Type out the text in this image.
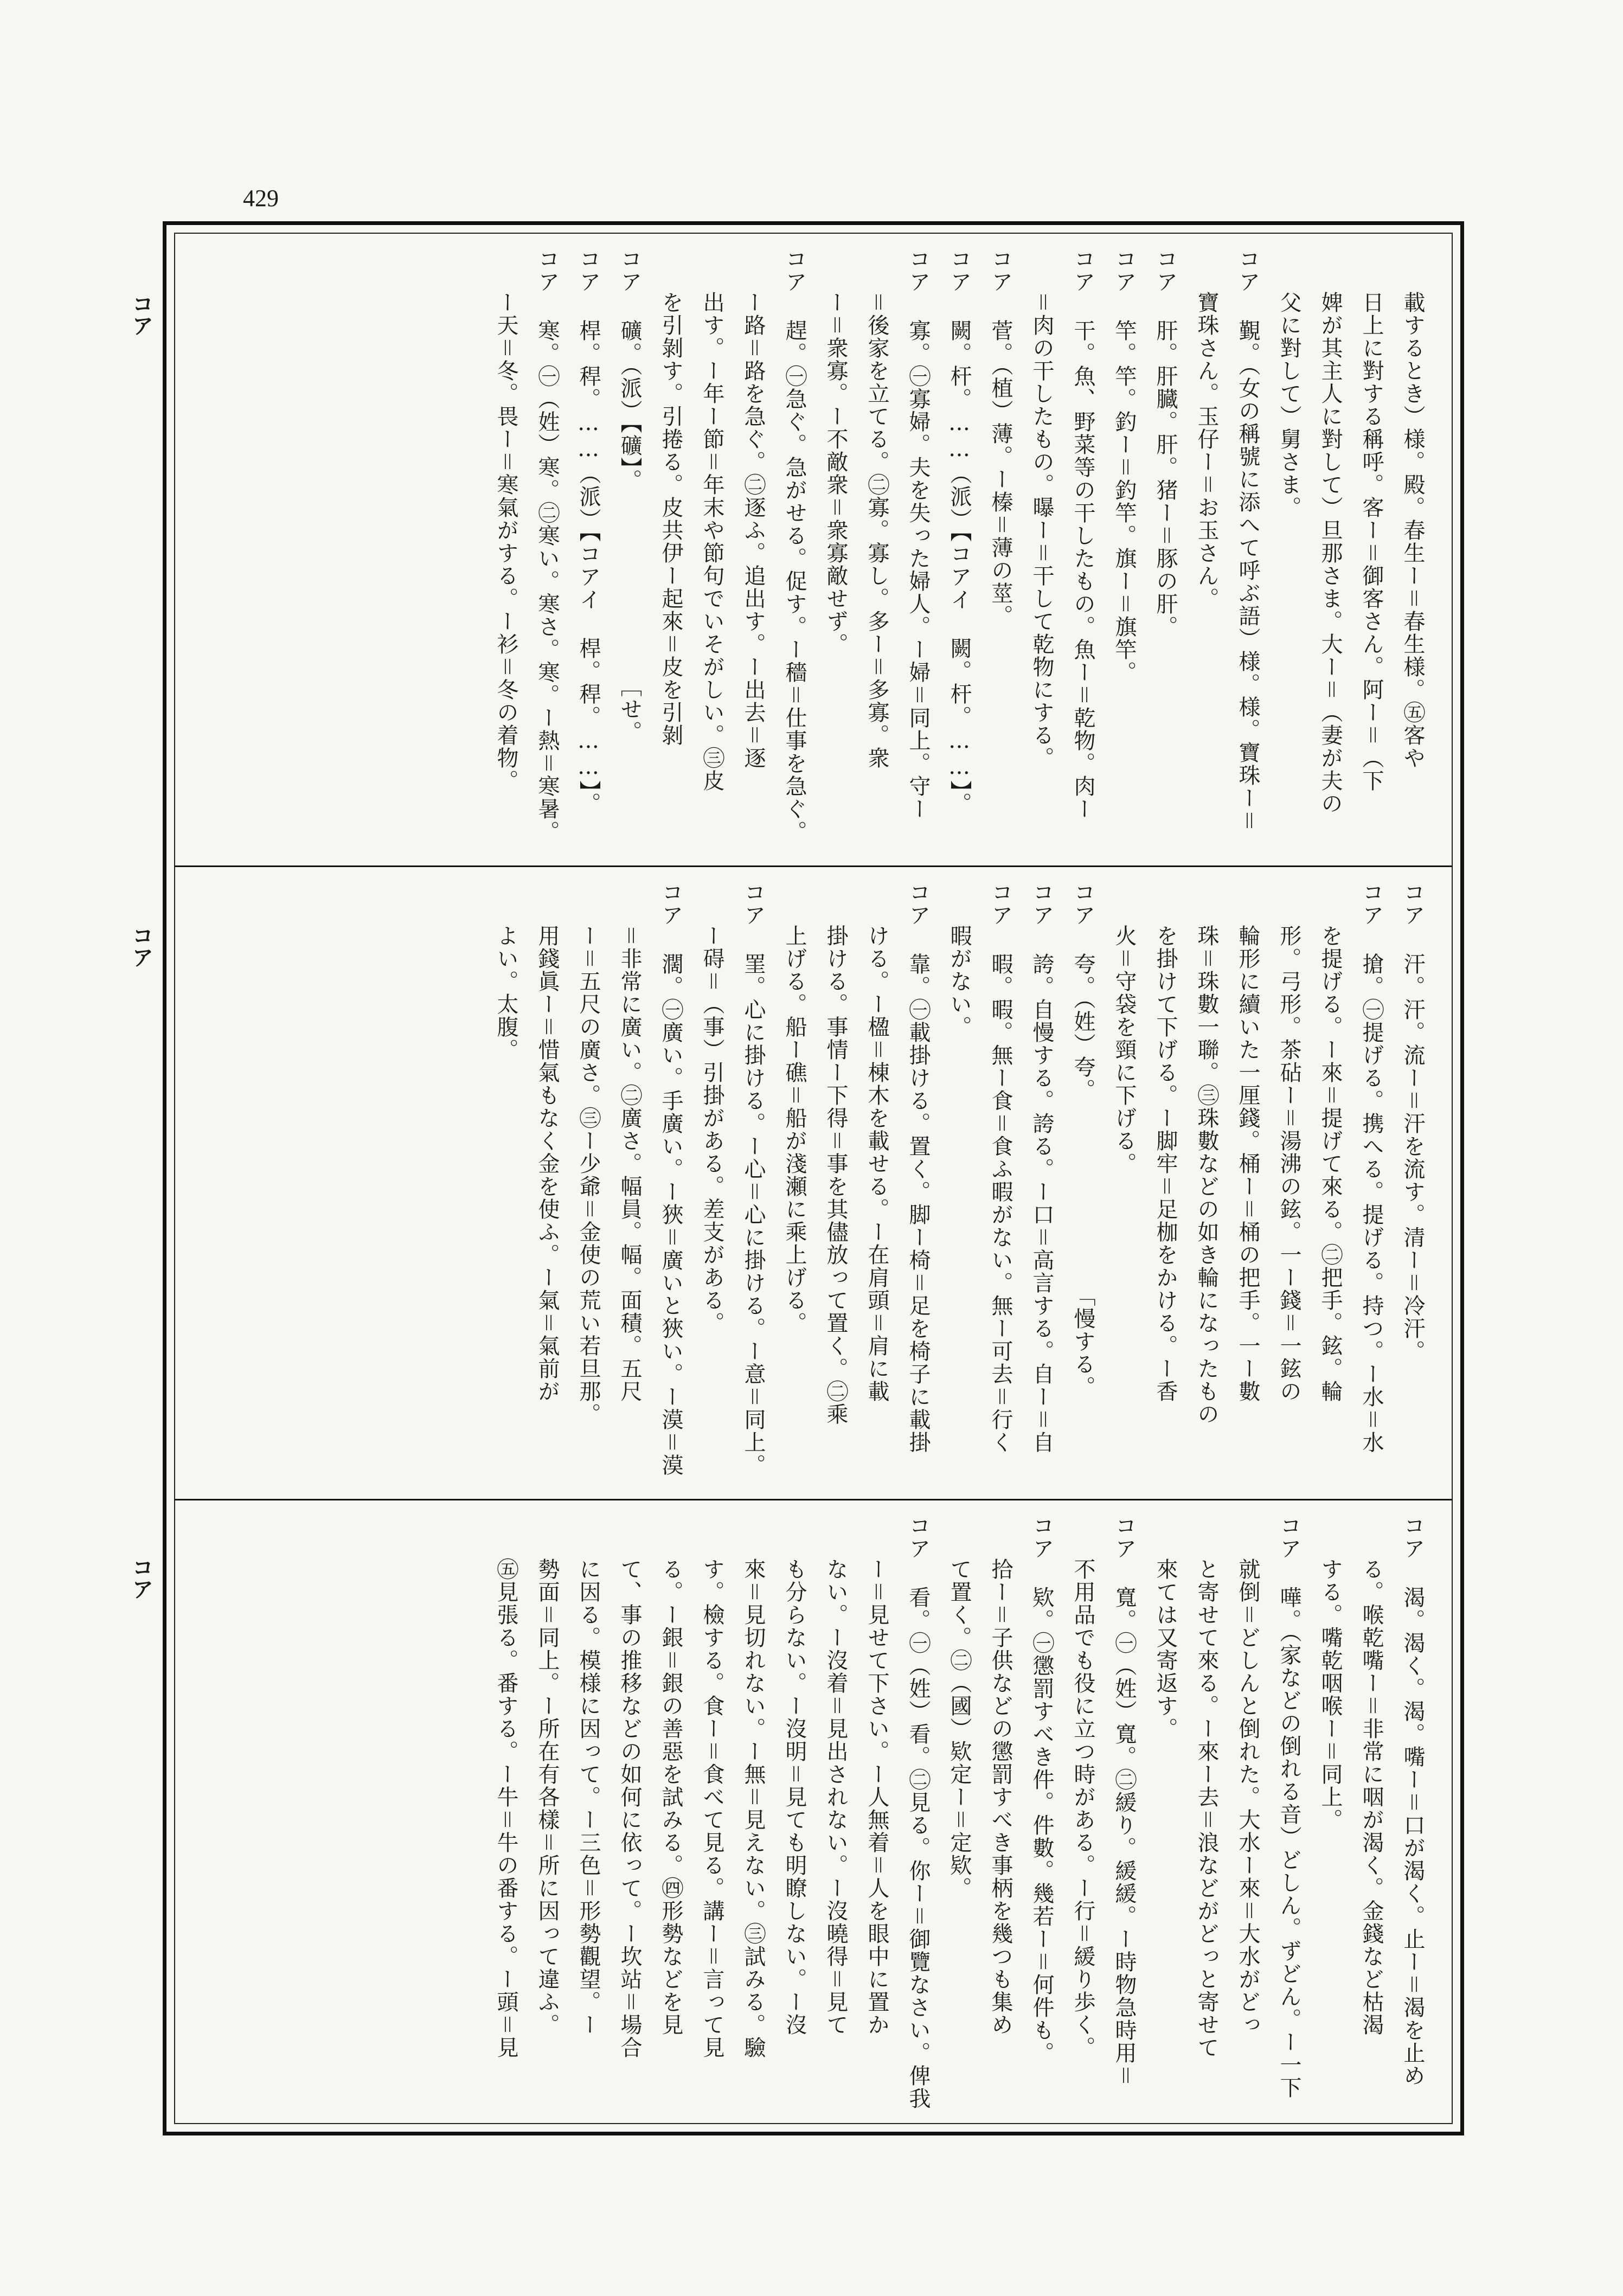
429
コア
コア
コア
載するとき）様。殿。春生ー＝春生様。㊄客や
日上に對する稱呼。客ー＝御客さん。阿ー＝（下
婢が其主人に對して）旦那さま。大ー＝（妻が夫の
父に對して）舅さま。
コア 覲。（女の稱號に添へて呼ぶ語）様。様。寶珠ー＝
寶珠さん。玉仔ー＝お玉さん。
コア 肝。肝臓。肝。猪ー＝豚の肝。
コア 竿。竿。釣ー＝釣竿。旗ー＝旗竿。
コア 干。魚、野菜等の干したもの。魚ー＝乾物。肉ー
＝肉の干したもの。曝ー＝干して乾物にする。
コア 菅。（植）薄。ー榛＝薄の莖。
コア 闕。杆。……（派）【コアイ 闕。杆。……】。
コア 寡。㊀寡婦。夫を失った婦人。ー婦＝同上。守ー
＝後家を立てる。㊁寡。寡し。多ー＝多寡。衆
ー＝衆寡。ー不敵衆＝衆寡敵せず。
コア 趕。㊀急ぐ。急がせる。促す。ー穡＝仕事を急ぐ。
ー路＝路を急ぐ。㊁逐ふ。追出す。ー出去＝逐
出す。ー年ー節＝年末や節句でいそがしい。㊂皮
を引剝す。引捲る。皮共伊ー起來＝皮を引剝
コア 礦。（派）【礦】。　　　　　　　　　［せ。
コア 桿。稈。……（派）【コアイ 桿。稈。……】。
コア 寒。㊀（姓）寒。㊁寒い。寒さ。寒。ー熱＝寒暑。
ー天＝冬。畏ー＝寒氣がする。ー衫＝冬の着物。
コア 汗。汗。流ー＝汗を流す。清ー＝冷汗。
コア 搶。㊀提げる。携へる。提げる。持つ。ー水＝水
を提げる。ー來＝提げて來る。㊁把手。鉉。輪
形。弓形。茶砧ー＝湯沸の鉉。一ー錢＝一鉉の
輪形に續いた一厘錢。桶ー＝桶の把手。一ー數
珠＝珠數一聯。㊂珠數などの如き輪になったもの
を掛けて下げる。ー脚牢＝足枷をかける。ー香
火＝守袋を頸に下げる。
コア 夸。（姓）夸。　　　　　　　　　「慢する。
コア 誇。自慢する。誇る。ー口＝高言する。自ー＝自
コア 暇。暇。無ー食＝食ふ暇がない。無ー可去＝行く
暇がない。
コア 靠。㊀載掛ける。置く。脚ー椅＝足を椅子に載掛
ける。ー楹＝棟木を載せる。ー在肩頭＝肩に載
掛ける。事情ー下得＝事を其儘放って置く。㊁乘
上げる。船ー礁＝船が淺瀬に乘上げる。
コア 罣。心に掛ける。ー心＝心に掛ける。ー意＝同上。
ー碍＝（事）引掛がある。差支がある。
コア 濶。㊀廣い。手廣い。ー狹＝廣いと狹い。ー漠＝漠
＝非常に廣い。㊁廣さ。幅員。幅。面積。五尺
ー＝五尺の廣さ。㊂ー少爺＝金使の荒い若旦那。
用錢眞ー＝惜氣もなく金を使ふ。ー氣＝氣前が
よい。太腹。
コア 渴。渴く。渴。嘴ー＝口が渴く。止ー＝渴を止め
る。喉乾嘴ー＝非常に咽が渴く。金錢など枯渴
する。嘴乾咽喉ー＝同上。
コア 嘩。（家などの倒れる音）どしん。ずどん。ー一下
就倒＝どしんと倒れた。大水ー來＝大水がどっ
と寄せて來る。ー來ー去＝浪などがどっと寄せて
來ては又寄返す。
コア 寬。㊀（姓）寬。㊁緩り。緩緩。ー時物急時用＝
不用品でも役に立つ時がある。ー行＝緩り歩く。
コア 欵。㊀懲罰すべき件。件數。幾若ー＝何件も。
拾ー＝子供などの懲罰すべき事柄を幾つも集め
て置く。㊁（國）欵定ー＝定欵。
コア 看。㊀（姓）看。㊁見る。你ー＝御覽なさい。俾我
ー＝見せて下さい。ー人無着＝人を眼中に置か
ない。ー沒着＝見出されない。ー沒曉得＝見て
も分らない。ー沒明＝見ても明瞭しない。ー沒
來＝見切れない。ー無＝見えない。㊂試みる。驗
す。檢する。食ー＝食べて見る。講ー＝言って見
る。ー銀＝銀の善惡を試みる。㊃形勢などを見
て、事の推移などの如何に依って。ー坎站＝場合
に因る。模様に因って。ー三色＝形勢觀望。ー
勢面＝同上。ー所在有各樣＝所に因って違ふ。
㊄見張る。番する。ー牛＝牛の番する。ー頭＝見
